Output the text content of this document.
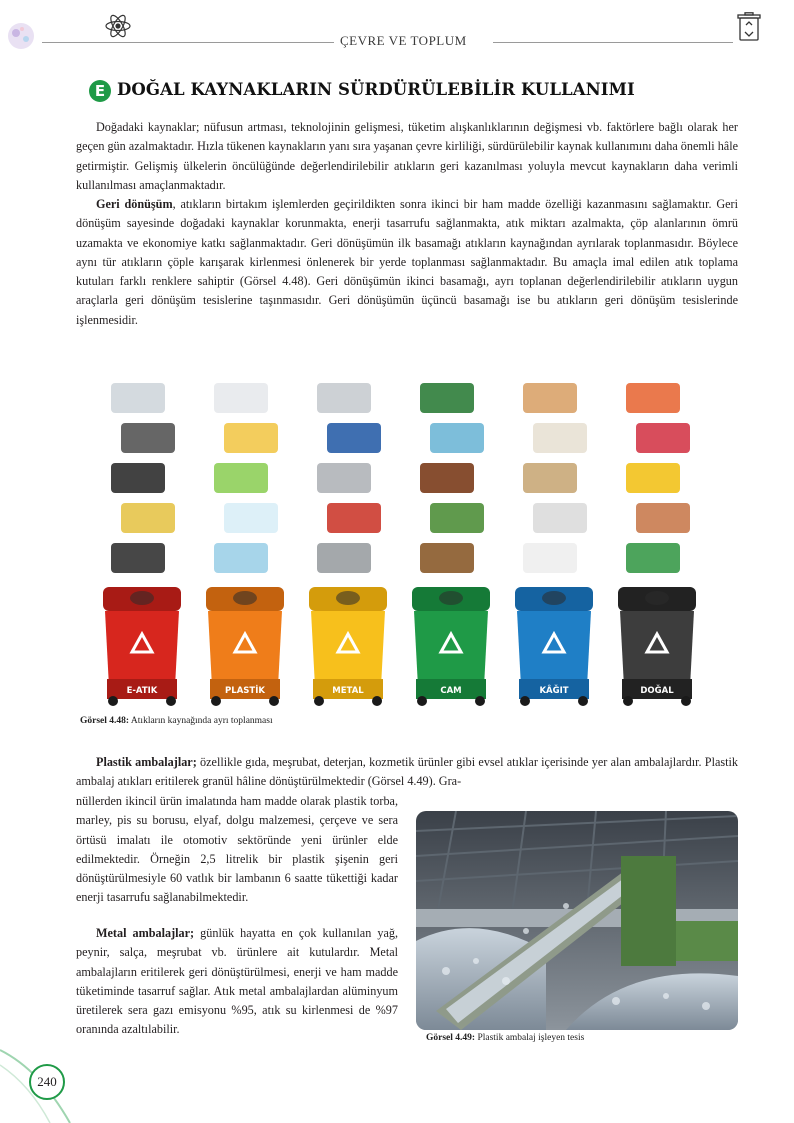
ÇEVRE VE TOPLUM
E DOĞAL KAYNAKLARIN SÜRDÜRÜLEBİLİR KULLANIMI

Doğadaki kaynaklar; nüfusun artması, teknolojinin gelişmesi, tüketim alışkanlıklarının değişmesi vb. faktörlere bağlı olarak her geçen gün azalmaktadır. Hızla tükenen kaynakların yanı sıra yaşanan çevre kirliliği, sürdürülebilir kaynak kullanımını daha önemli hâle getirmiştir. Gelişmiş ülkelerin öncülüğünde değerlendirilebilir atıkların geri kazanılması yoluyla mevcut kaynakların daha verimli kullanılması amaçlanmaktadır.

Geri dönüşüm, atıkların birtakım işlemlerden geçirildikten sonra ikinci bir ham madde özelliği kazanmasını sağlamaktır. Geri dönüşüm sayesinde doğadaki kaynaklar korunmakta, enerji tasarrufu sağlanmakta, atık miktarı azalmakta, çöp alanlarının ömrü uzamakta ve ekonomiye katkı sağlanmaktadır. Geri dönüşümün ilk basamağı atıkların kaynağından ayrılarak toplanmasıdır. Böylece aynı tür atıkların çöple karışarak kirlenmesi önlenerek bir yerde toplanması sağlanmaktadır. Bu amaçla imal edilen atık toplama kutuları farklı renklere sahiptir (Görsel 4.48). Geri dönüşümün ikinci basamağı, ayrı toplanan değerlendirilebilir atıkların uygun araçlarla geri dönüşüm tesislerine taşınmasıdır. Geri dönüşümün üçüncü basamağı ise bu atıkların geri dönüşüm tesislerinde işlenmesidir.

E-ATIK	PLASTİK	METAL	CAM	KÂĞIT	DOĞAL
Görsel 4.48: Atıkların kaynağında ayrı toplanması

Plastik ambalajlar; özellikle gıda, meşrubat, deterjan, kozmetik ürünler gibi evsel atıklar içerisinde yer alan ambalajlardır. Plastik ambalaj atıkları eritilerek granül hâline dönüştürülmektedir (Görsel 4.49). Gra-

nüllerden ikincil ürün imalatında ham madde olarak plastik torba, marley, pis su borusu, elyaf, dolgu malzemesi, çerçeve ve sera örtüsü imalatı ile otomotiv sektöründe yeni ürünler elde edilmektedir. Örneğin 2,5 litrelik bir plastik şişenin geri dönüştürülmesiyle 60 vatlık bir lambanın 6 saatte tükettiği kadar enerji tasarrufu sağlanabilmektedir.

Metal ambalajlar; günlük hayatta en çok kullanılan yağ, peynir, salça, meşrubat vb. ürünlere ait kutulardır. Metal ambalajların eritilerek geri dönüştürülmesi, enerji ve ham madde tüketiminde tasarruf sağlar. Atık metal ambalajlardan alüminyum üretilerek sera gazı emisyonu %95, atık su kirlenmesi de %97 oranında azaltılabilir.

Görsel 4.49: Plastik ambalaj işleyen tesis
240
